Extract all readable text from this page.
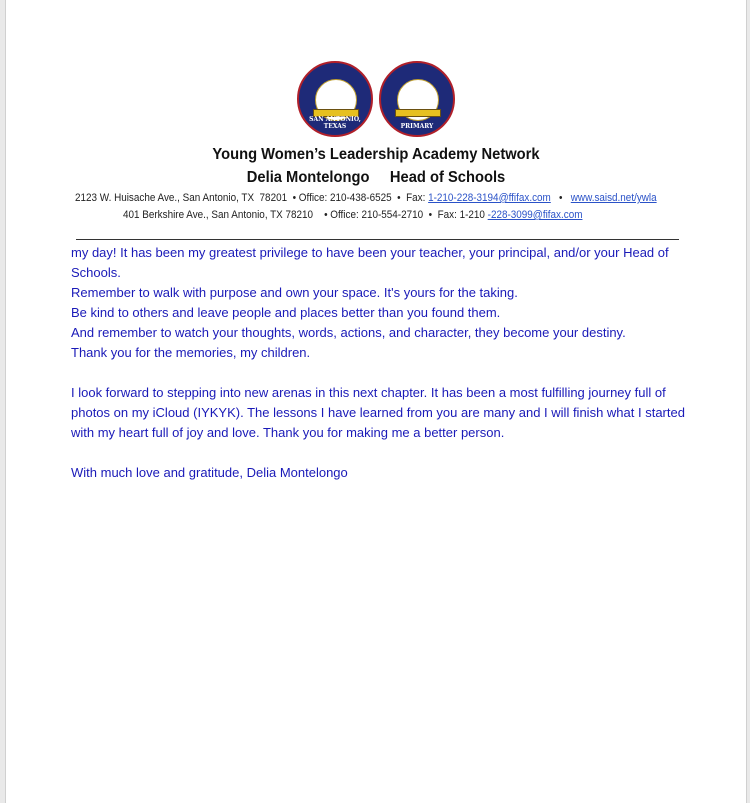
SAN ANTONIO, TEXAS	PRIMARY
Young Women’s Leadership Academy Network
Delia Montelongo     Head of Schools
2123 W. Huisache Ave., San Antonio, TX  78201  • Office: 210-438-6525  •  Fax: 1-210-228-3194@ffifax.com   •   www.saisd.net/ywla
401 Berkshire Ave., San Antonio, TX 78210    • Office: 210-554-2710  •  Fax: 1-210 -228-3099@fifax.com

my day! It has been my greatest privilege to have been your teacher, your principal, and/or your Head of Schools.

Remember to walk with purpose and own your space. It's yours for the taking.

Be kind to others and leave people and places better than you found them.

And remember to watch your thoughts, words, actions, and character, they become your destiny.

Thank you for the memories, my children.

I look forward to stepping into new arenas in this next chapter. It has been a most fulfilling journey full of photos on my iCloud (IYKYK). The lessons I have learned from you are many and I will finish what I started with my heart full of joy and love. Thank you for making me a better person.

With much love and gratitude, Delia Montelongo
